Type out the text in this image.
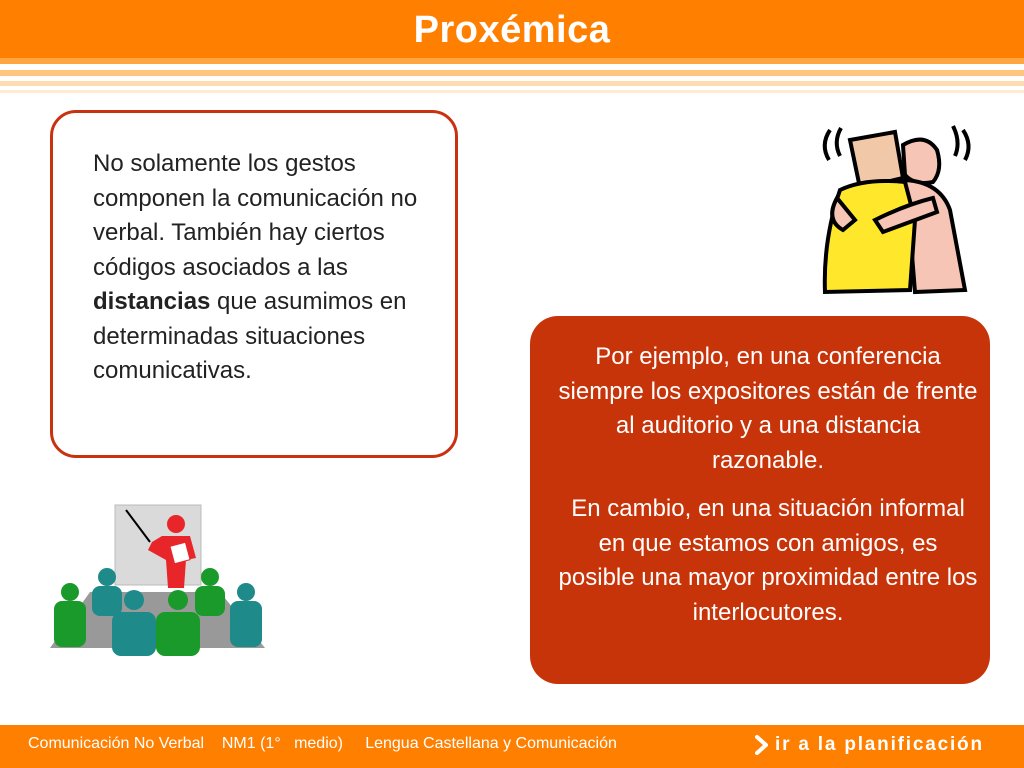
Proxémica
No solamente los gestos componen la comunicación no verbal. También hay ciertos códigos asociados a las distancias que asumimos en determinadas situaciones comunicativas.

Por ejemplo, en una conferencia siempre los expositores están de frente al auditorio y a una distancia razonable.

En cambio, en una situación informal en que estamos con amigos, es posible una mayor proximidad entre los interlocutores.

Comunicación No Verbal    NM1 (1°   medio)     Lengua Castellana y Comunicación	ir a la planificación
